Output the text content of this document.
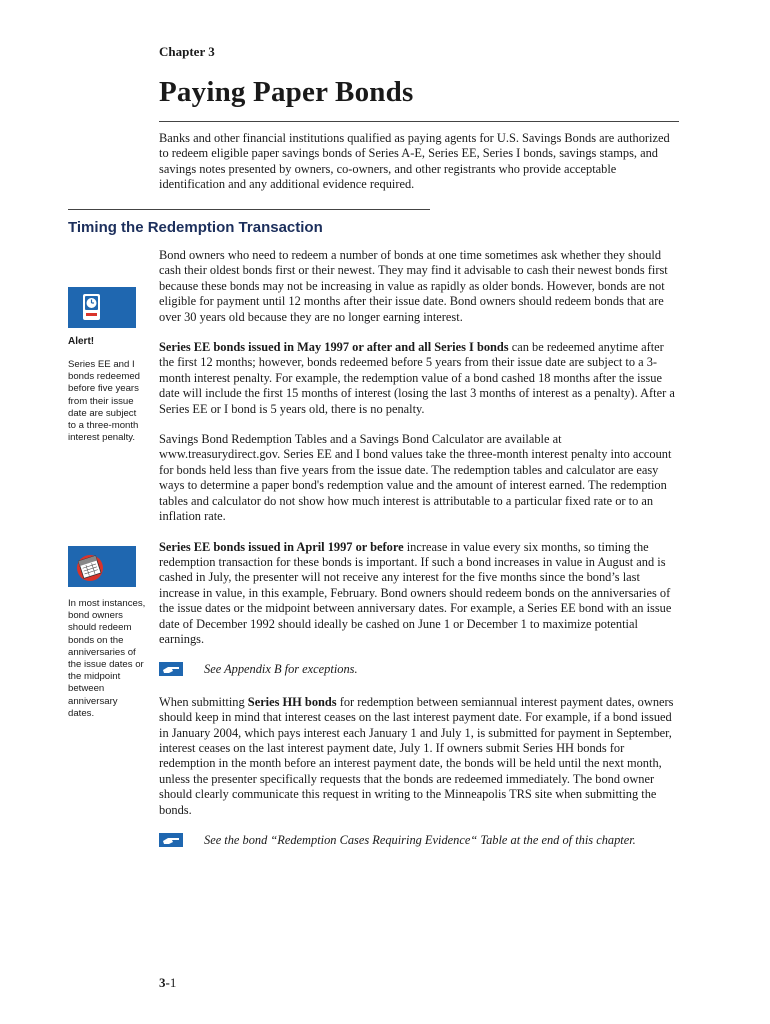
Chapter 3
Paying Paper Bonds
Banks and other financial institutions qualified as paying agents for U.S. Savings Bonds are authorized to redeem eligible paper savings bonds of Series A-E, Series EE, Series I bonds, savings stamps, and savings notes presented by owners, co-owners, and other registrants who provide acceptable identification and any additional evidence required.
Timing the Redemption Transaction
Alert!
Series EE and I bonds redeemed before five years from their issue date are subject to a three-month interest penalty.
In most instances, bond owners should redeem bonds on the anniversaries of the issue dates or the midpoint between anniversary dates.

Bond owners who need to redeem a number of bonds at one time sometimes ask whether they should cash their oldest bonds first or their newest. They may find it advisable to cash their newest bonds first because these bonds may not be increasing in value as rapidly as older bonds. However, bonds are not eligible for payment until 12 months after their issue date. Bond owners should redeem bonds that are over 30 years old because they are no longer earning interest.

Series EE bonds issued in May 1997 or after and all Series I bonds can be redeemed anytime after the first 12 months; however, bonds redeemed before 5 years from their issue date are subject to a 3-month interest penalty. For example, the redemption value of a bond cashed 18 months after the issue date will include the first 15 months of interest (losing the last 3 months of interest as a penalty). After a Series EE or I bond is 5 years old, there is no penalty.

Savings Bond Redemption Tables and a Savings Bond Calculator are available at www.treasurydirect.gov. Series EE and I bond values take the three-month interest penalty into account for bonds held less than five years from the issue date. The redemption tables and calculator are easy ways to determine a paper bond's redemption value and the amount of interest earned. The redemption tables and calculator do not show how much interest is attributable to a particular fixed rate or to an inflation rate.

Series EE bonds issued in April 1997 or before increase in value every six months, so timing the redemption transaction for these bonds is important. If such a bond increases in value in August and is cashed in July, the presenter will not receive any interest for the five months since the bond’s last increase in value, in this example, February. Bond owners should redeem bonds on the anniversaries of the issue dates or the midpoint between anniversary dates. For example, a Series EE bond with an issue date of December 1992 should ideally be cashed on June 1 or December 1 to maximize potential earnings.

See Appendix B for exceptions.

When submitting Series HH bonds for redemption between semiannual interest payment dates, owners should keep in mind that interest ceases on the last interest payment date. For example, if a bond issued in January 2004, which pays interest each January 1 and July 1, is submitted for payment in September, interest ceases on the last interest payment date, July 1. If owners submit Series HH bonds for redemption in the month before an interest payment date, the bonds will be held until the next month, unless the presenter specifically requests that the bonds are redeemed immediately. The bond owner should clearly communicate this request in writing to the Minneapolis TRS site when submitting the bonds.

See the bond “Redemption Cases Requiring Evidence“ Table at the end of this chapter.

3-1
